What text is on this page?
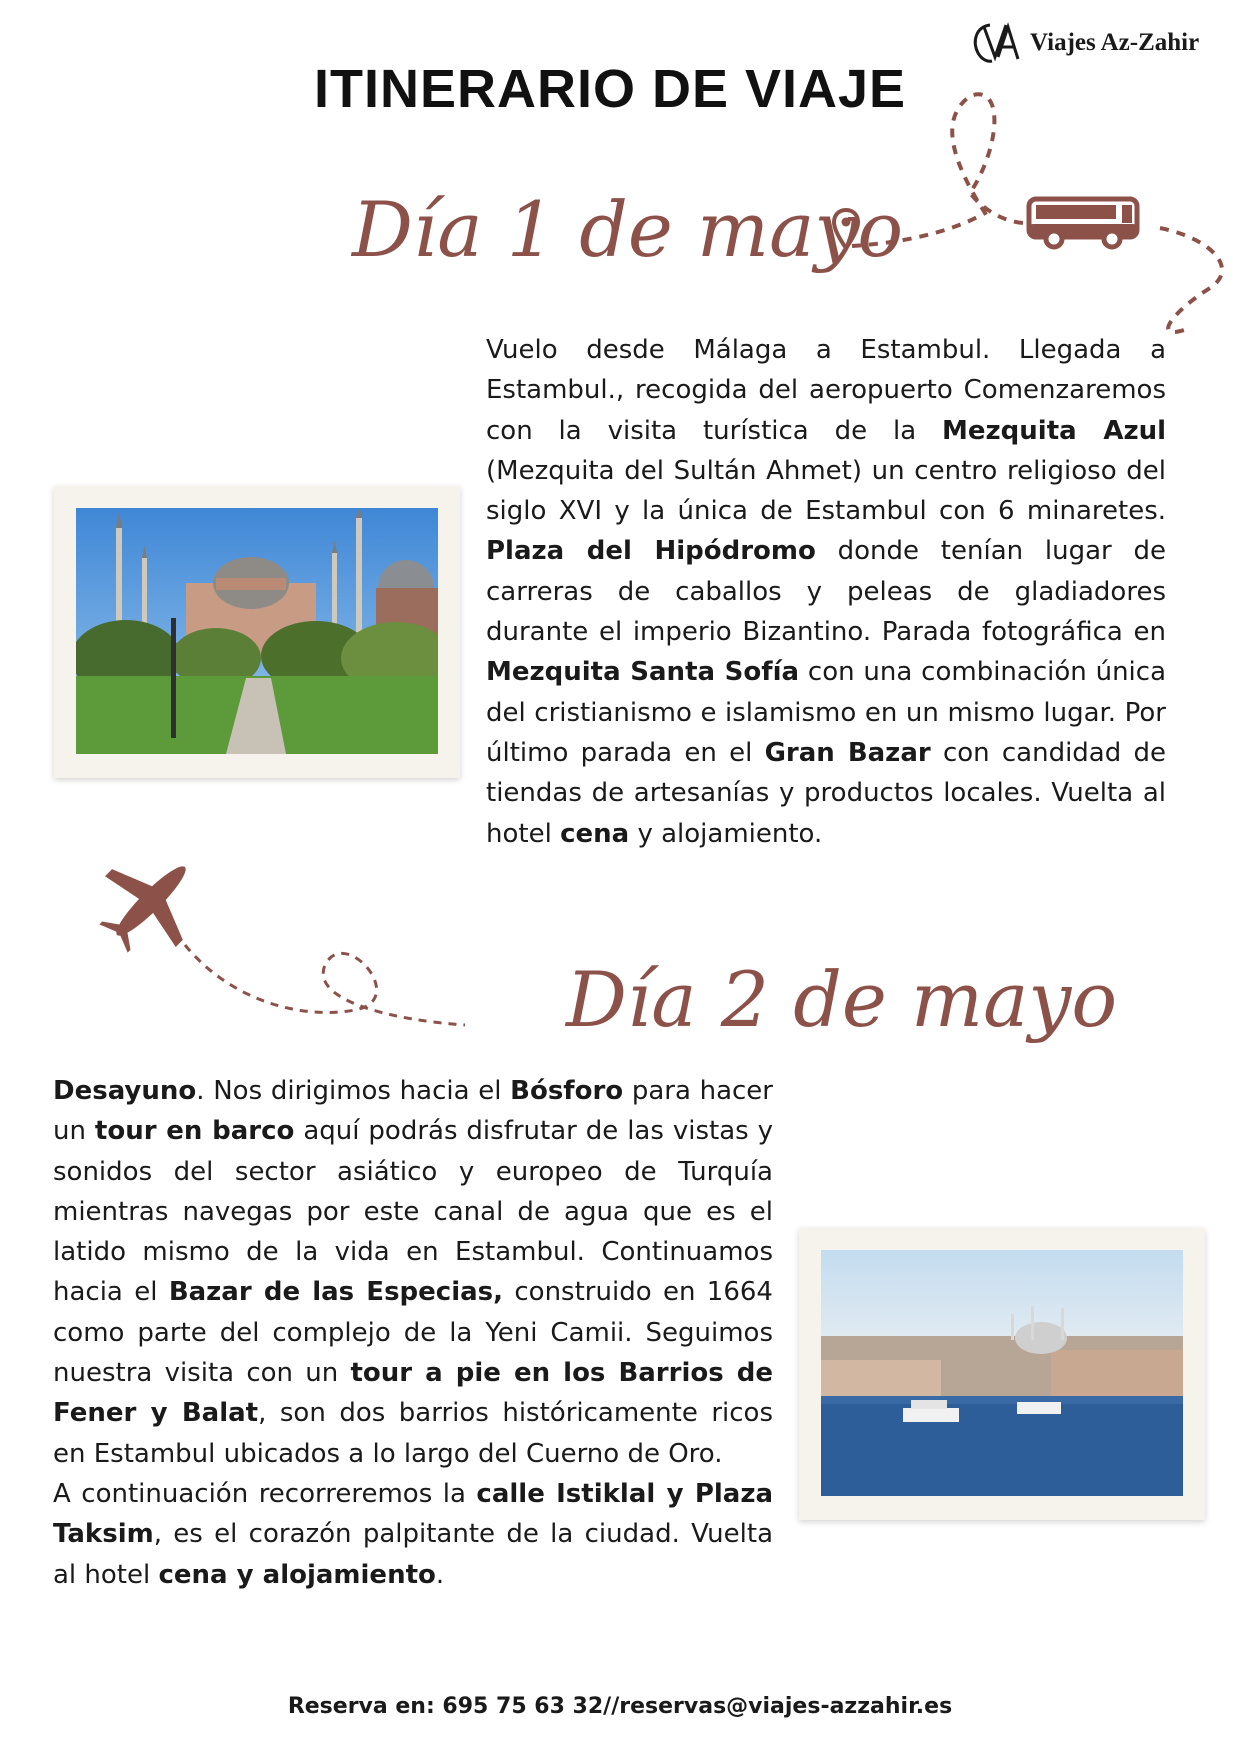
Viajes Az-Zahir
ITINERARIO DE VIAJE
Día 1 de mayo
Vuelo desde Málaga a Estambul. Llegada a Estambul., recogida del aeropuerto Comenzaremos con la visita turística de la Mezquita Azul (Mezquita del Sultán Ahmet) un centro religioso del siglo XVI y la única de Estambul con 6 minaretes. Plaza del Hipódromo donde tenían lugar de carreras de caballos y peleas de gladiadores durante el imperio Bizantino. Parada fotográfica en Mezquita Santa Sofía con una combinación única del cristianismo e islamismo en un mismo lugar. Por último parada en el Gran Bazar con candidad de tiendas de artesanías y productos locales. Vuelta al hotel cena y alojamiento.
Día 2 de mayo
Desayuno. Nos dirigimos hacia el Bósforo para hacer un tour en barco aquí podrás disfrutar de las vistas y sonidos del sector asiático y europeo de Turquía mientras navegas por este canal de agua que es el latido mismo de la vida en Estambul. Continuamos hacia el Bazar de las Especias, construido en 1664 como parte del complejo de la Yeni Camii. Seguimos nuestra visita con un tour a pie en los Barrios de Fener y Balat, son dos barrios históricamente ricos en Estambul ubicados a lo largo del Cuerno de Oro.
A continuación recorreremos la calle Istiklal y Plaza Taksim, es el corazón palpitante de la ciudad. Vuelta al hotel cena y alojamiento.
Reserva en: 695 75 63 32//reservas@viajes-azzahir.es
